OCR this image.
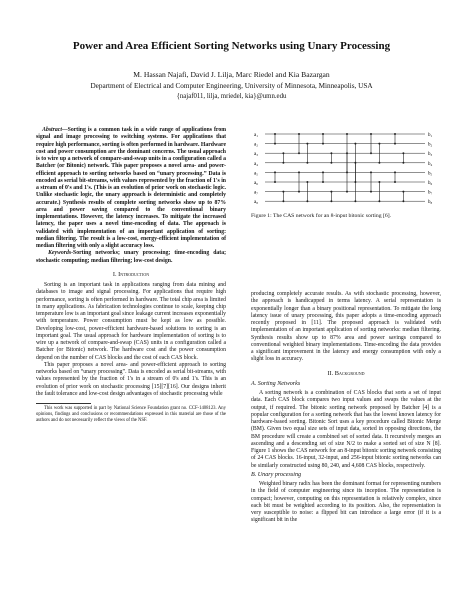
Power and Area Efficient Sorting Networks using Unary Processing
M. Hassan Najafi, David J. Lilja, Marc Riedel and Kia Bazargan
Department of Electrical and Computer Engineering, University of Minnesota, Minneapolis, USA
{najaf011, lilja, mriedel, kia}@umn.edu

Abstract—Sorting is a common task in a wide range of applications from signal and image processing to switching systems. For applications that require high performance, sorting is often performed in hardware. Hardware cost and power consumption are the dominant concerns. The usual approach is to wire up a network of compare-and-swap units in a configuration called a Batcher (or Bitonic) network. This paper proposes a novel area- and power-efficient approach to sorting networks based on “unary processing.” Data is encoded as serial bit-streams, with values represented by the fraction of 1's in a stream of 0's and 1's. (This is an evolution of prior work on stochastic logic. Unlike stochastic logic, the unary approach is deterministic and completely accurate.) Synthesis results of complete sorting networks show up to 87% area and power saving compared to the conventional binary implementations. However, the latency increases. To mitigate the increased latency, the paper uses a novel time-encoding of data. The approach is validated with implementation of an important application of sorting: median filtering. The result is a low-cost, energy-efficient implementation of median filtering with only a slight accuracy loss.

Keywords-Sorting networks; unary processing; time-encoding data; stochastic computing; median filtering; low-cost design.

I. Introduction

Sorting is an important task in applications ranging from data mining and databases to image and signal processing. For applications that require high performance, sorting is often performed in hardware. The total chip area is limited in many applications. As fabrication technologies continue to scale, keeping chip temperature low is an important goal since leakage current increases exponentially with temperature. Power consumption must be kept as low as possible. Developing low-cost, power-efficient hardware-based solutions to sorting is an important goal. The usual approach for hardware implementation of sorting is to wire up a network of compare-and-swap (CAS) units in a configuration called a Batcher (or Bitonic) network. The hardware cost and the power consumption depend on the number of CAS blocks and the cost of each CAS block.

This paper proposes a novel area- and power-efficient approach to sorting networks based on “unary processing”. Data is encoded as serial bit-streams, with values represented by the fraction of 1's in a stream of 0's and 1's. This is an evolution of prior work on stochastic processing [15][7][16]. Our designs inherit the fault tolerance and low-cost design advantages of stochastic processing while

This work was supported in part by National Science Foundation grant no. CCF-1408123. Any opinions, findings and conclusions or recommendations expressed in this material are those of the authors and do not necessarily reflect the views of the NSF.

a₁
a₂
a₃
a₄
a₅
a₆
a₇
a₈
b₁
b₂
b₃
b₄
b₅
b₆
b₇
b₈
Figure 1: The CAS network for an 8-input bitonic sorting [6].

producing completely accurate results. As with stochastic processing, however, the approach is handicapped in terms latency. A serial representation is exponentially longer than a binary positional representation. To mitigate the long latency issue of unary processing, this paper adopts a time-encoding approach recently proposed in [11]. The proposed approach is validated with implementation of an important application of sorting networks: median filtering. Synthesis results show up to 87% area and power savings compared to conventional weighted binary implementations. Time-encoding the data provides a significant improvement in the latency and energy consumption with only a slight loss in accuracy.

II. Background
A. Sorting Networks

A sorting network is a combination of CAS blocks that sorts a set of input data. Each CAS block compares two input values and swaps the values at the output, if required. The bitonic sorting network proposed by Batcher [4] is a popular configuration for a sorting network that has the lowest known latency for hardware-based sorting. Bitonic Sort uses a key procedure called Bitonic Merge (BM). Given two equal size sets of input data, sorted in opposing directions, the BM procedure will create a combined set of sorted data. It recursively merges an ascending and a descending set of size N/2 to make a sorted set of size N [8]. Figure 1 shows the CAS network for an 8-input bitonic sorting network consisting of 24 CAS blocks. 16-input, 32-input, and 256-input bitonic sorting networks can be similarly constructed using 80, 240, and 4,608 CAS blocks, respectively.

B. Unary processing

Weighted binary radix has been the dominant format for representing numbers in the field of computer engineering since its inception. The representation is compact; however, computing on this representation is relatively complex, since each bit must be weighted according to its position. Also, the representation is very susceptible to noise: a flipped bit can introduce a large error (if it is a significant bit in the
